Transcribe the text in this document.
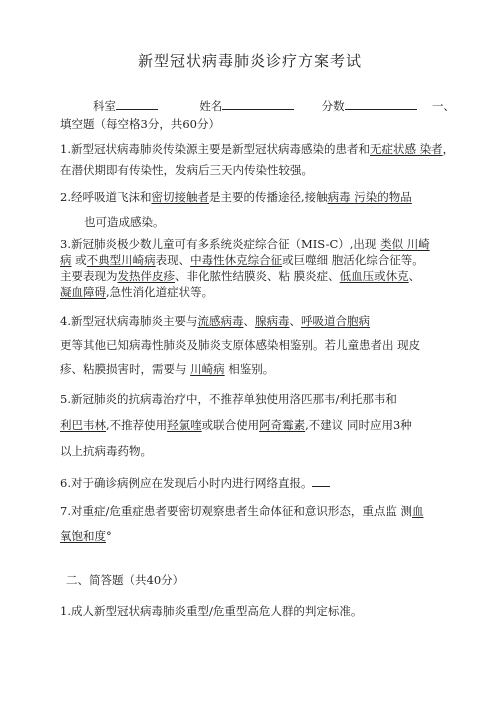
新型冠状病毒肺炎诊疗方案考试
科室	姓名	分数	一、
填空题（每空格3分，共60分）
1.新型冠状病毒肺炎传染源主要是新型冠状病毒感染的患者和无症状感 染者，
在潜伏期即有传染性，发病后三天内传染性较强。
2.经呼吸道飞沫和密切接触者是主要的传播途径,接触病毒 污染的物品
也可造成感染。
3.新冠肺炎极少数儿童可有多系统炎症综合征（MIS-C）,出现 类似 川崎
病 或不典型川崎病表现、中毒性休克综合征或巨噬细 胞活化综合征等。
主要表现为发热伴皮疹、非化脓性结膜炎、粘 膜炎症、低血压或休克、
凝血障碍,急性消化道症状等。
4.新型冠状病毒肺炎主要与流感病毒、腺病毒、呼吸道合胞病
更等其他已知病毒性肺炎及肺炎支原体感染相鉴别。若儿童患者出 现皮
疹、粘膜损害时，需要与 川崎病 相鉴别。
5.新冠肺炎的抗病毒治疗中，不推荐单独使用洛匹那韦/利托那韦和
利巴韦林,不推荐使用羟氯喹或联合使用阿奇霉素,不建议 同时应用3种
以上抗病毒药物。
6.对于确诊病例应在发现后小时内进行网络直报。
7.对重症/危重症患者要密切观察患者生命体征和意识形态，重点监 测血
氧饱和度°
二、简答题（共40分）
1.成人新型冠状病毒肺炎重型/危重型高危人群的判定标准。
